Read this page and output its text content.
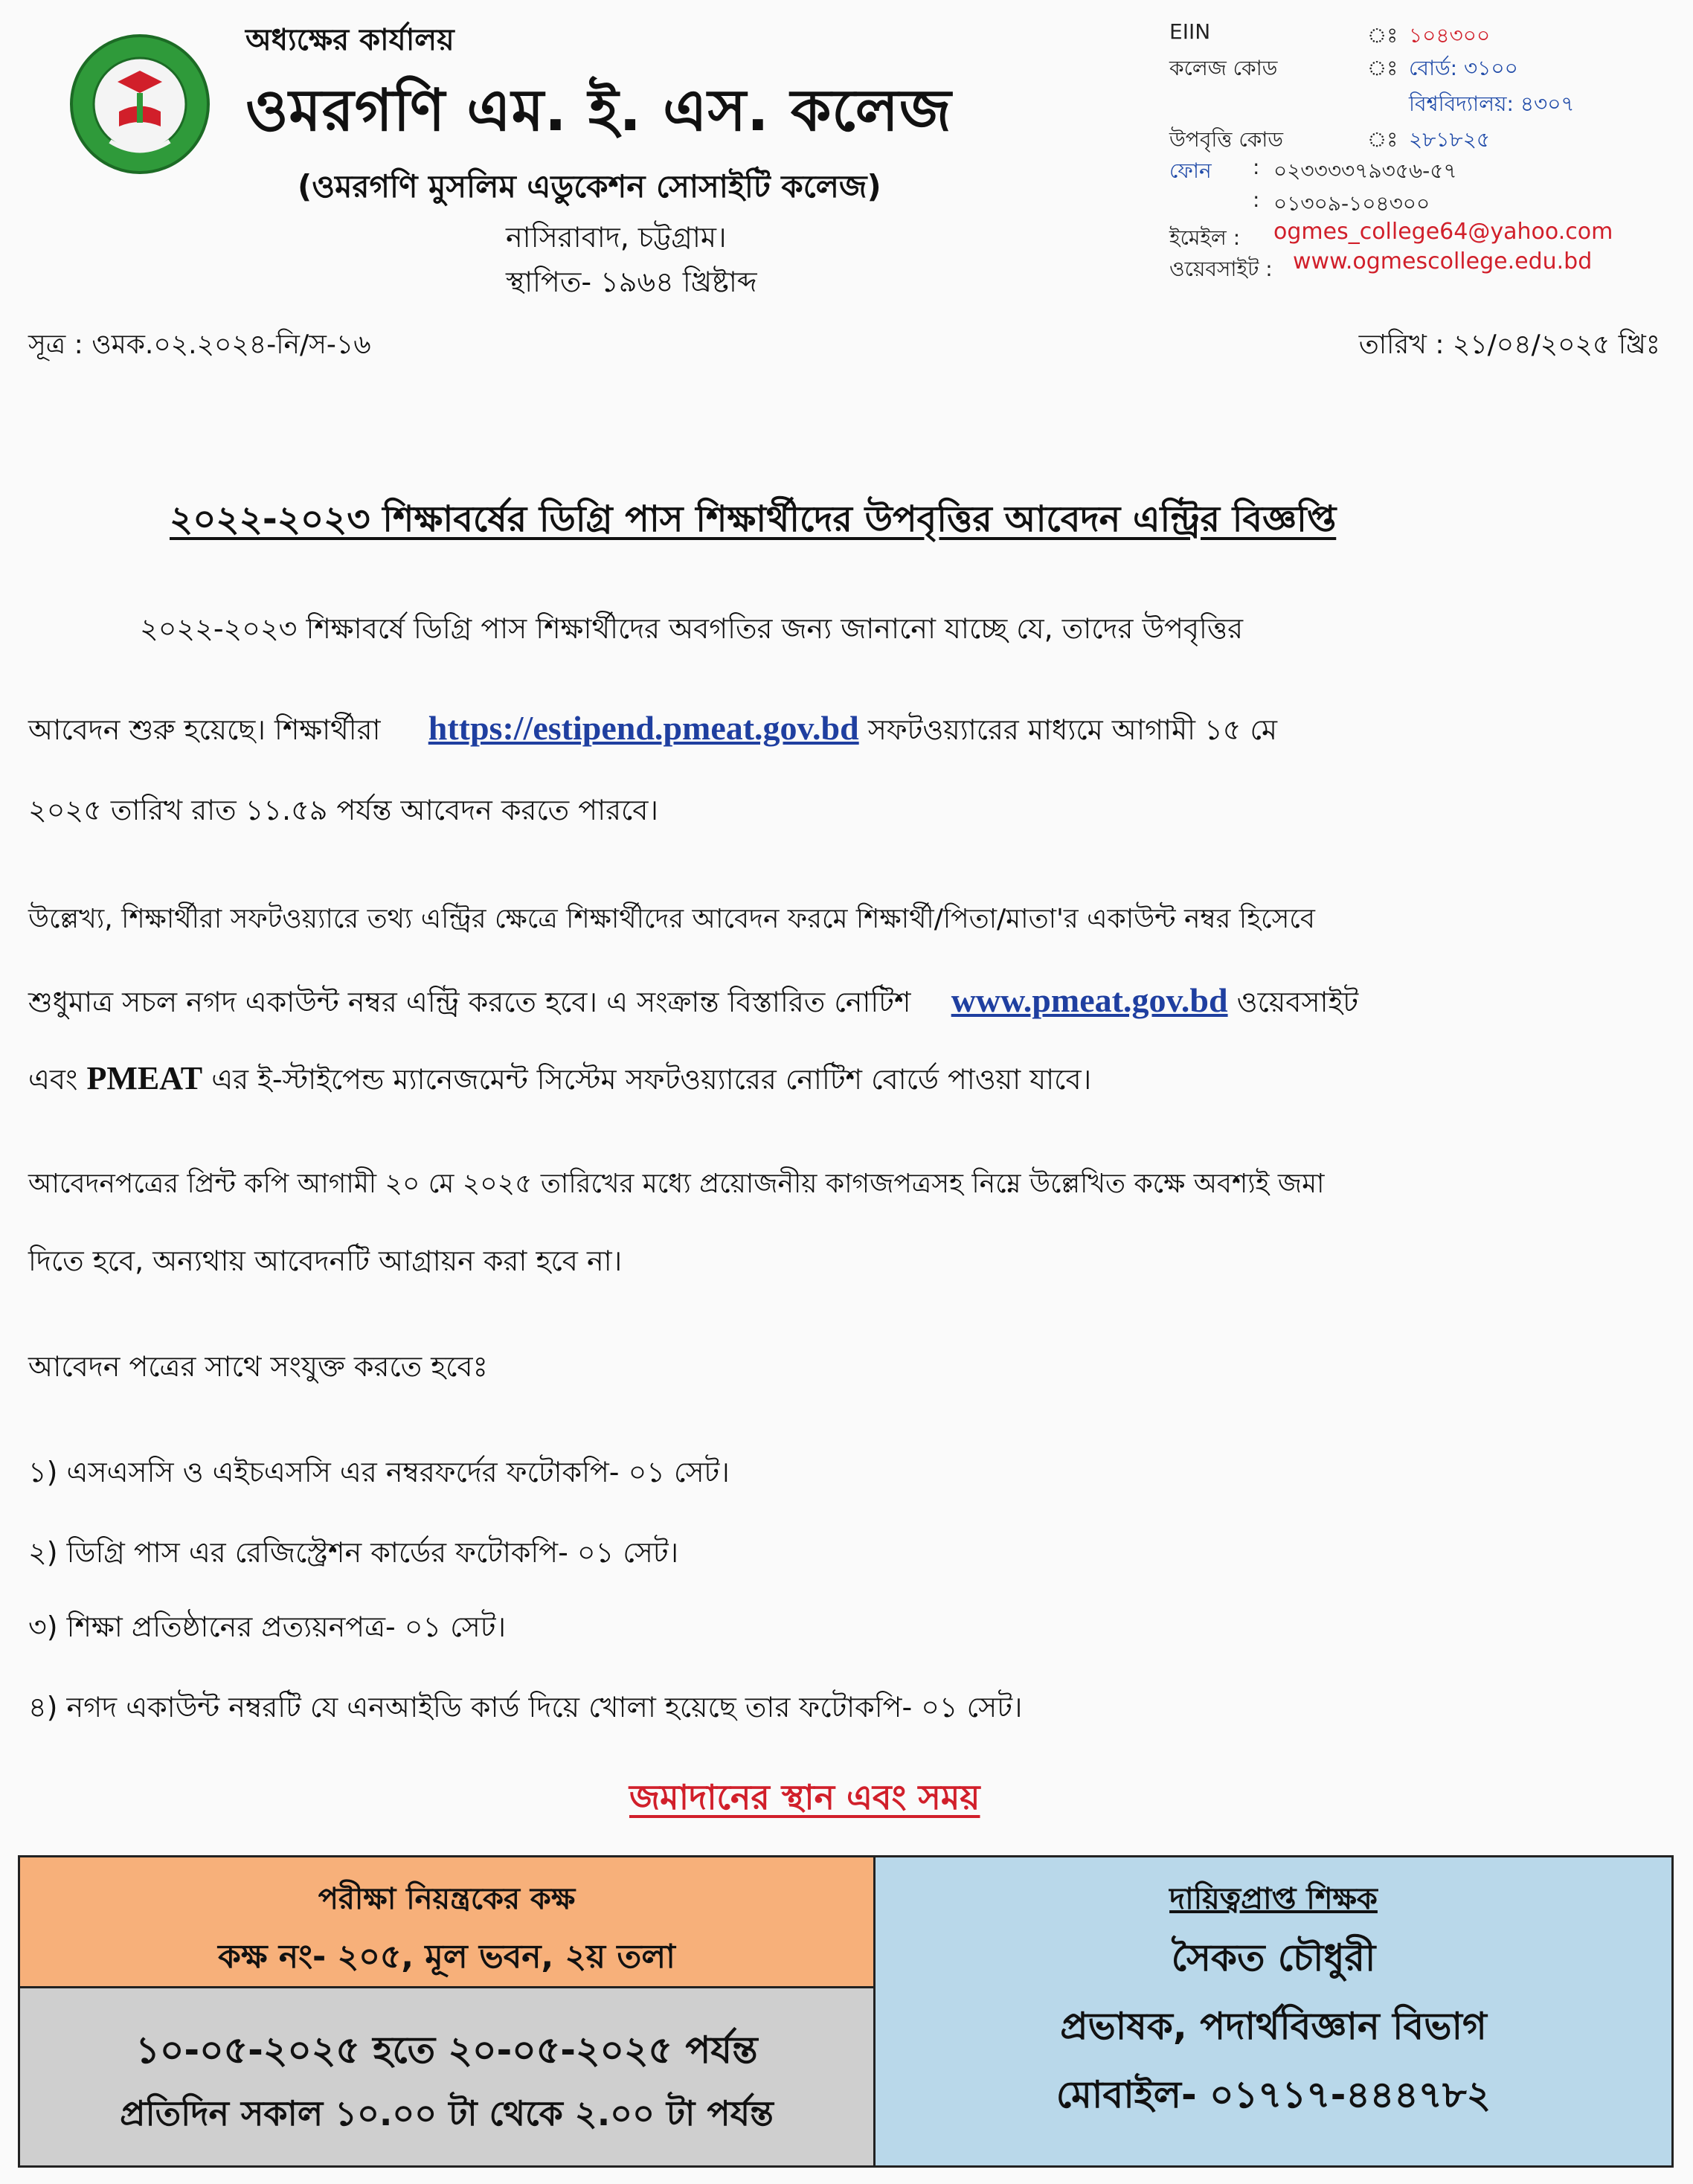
অধ্যক্ষের কার্যালয়
ওমরগণি এম. ই. এস. কলেজ
(ওমরগণি মুসলিম এডুকেশন সোসাইটি কলেজ)
নাসিরাবাদ, চট্টগ্রাম।
স্থাপিত- ১৯৬৪ খ্রিষ্টাব্দ
EIIN	ঃ ১০৪৩০০
কলেজ কোড	ঃ বোর্ড: ৩১০০
বিশ্ববিদ্যালয়: ৪৩০৭
উপবৃত্তি কোড	ঃ ২৮১৮২৫
ফোন : ০২৩৩৩৩৭৯৩৫৬-৫৭
: ০১৩০৯-১০৪৩০০
ইমেইল : ogmes_college64@yahoo.com
ওয়েবসাইট : www.ogmescollege.edu.bd
সূত্র : ওমক.০২.২০২৪-নি/স-১৬	তারিখ : ২১/০৪/২০২৫ খ্রিঃ
২০২২-২০২৩ শিক্ষাবর্ষের ডিগ্রি পাস শিক্ষার্থীদের উপবৃত্তির আবেদন এন্ট্রির বিজ্ঞপ্তি
২০২২-২০২৩ শিক্ষাবর্ষে ডিগ্রি পাস শিক্ষার্থীদের অবগতির জন্য জানানো যাচ্ছে যে, তাদের উপবৃত্তির
আবেদন শুরু হয়েছে। শিক্ষার্থীরা https://estipend.pmeat.gov.bd সফটওয়্যারের মাধ্যমে আগামী ১৫ মে
২০২৫ তারিখ রাত ১১.৫৯ পর্যন্ত আবেদন করতে পারবে।
উল্লেখ্য, শিক্ষার্থীরা সফটওয়্যারে তথ্য এন্ট্রির ক্ষেত্রে শিক্ষার্থীদের আবেদন ফরমে শিক্ষার্থী/পিতা/মাতা'র একাউন্ট নম্বর হিসেবে
শুধুমাত্র সচল নগদ একাউন্ট নম্বর এন্ট্রি করতে হবে। এ সংক্রান্ত বিস্তারিত নোটিশ www.pmeat.gov.bd ওয়েবসাইট
এবং PMEAT এর ই-স্টাইপেন্ড ম্যানেজমেন্ট সিস্টেম সফটওয়্যারের নোটিশ বোর্ডে পাওয়া যাবে।
আবেদনপত্রের প্রিন্ট কপি আগামী ২০ মে ২০২৫ তারিখের মধ্যে প্রয়োজনীয় কাগজপত্রসহ নিম্নে উল্লেখিত কক্ষে অবশ্যই জমা
দিতে হবে, অন্যথায় আবেদনটি আগ্রায়ন করা হবে না।
আবেদন পত্রের সাথে সংযুক্ত করতে হবেঃ
১) এসএসসি ও এইচএসসি এর নম্বরফর্দের ফটোকপি- ০১ সেট।
২) ডিগ্রি পাস এর রেজিস্ট্রেশন কার্ডের ফটোকপি- ০১ সেট।
৩) শিক্ষা প্রতিষ্ঠানের প্রত্যয়নপত্র- ০১ সেট।
৪) নগদ একাউন্ট নম্বরটি যে এনআইডি কার্ড দিয়ে খোলা হয়েছে তার ফটোকপি- ০১ সেট।
জমাদানের স্থান এবং সময়
পরীক্ষা নিয়ন্ত্রকের কক্ষ
কক্ষ নং- ২০৫, মূল ভবন, ২য় তলা
১০-০৫-২০২৫ হতে ২০-০৫-২০২৫ পর্যন্ত
প্রতিদিন সকাল ১০.০০ টা থেকে ২.০০ টা পর্যন্ত
দায়িত্বপ্রাপ্ত শিক্ষক
সৈকত চৌধুরী
প্রভাষক, পদার্থবিজ্ঞান বিভাগ
মোবাইল- ০১৭১৭-৪৪৪৭৮২
